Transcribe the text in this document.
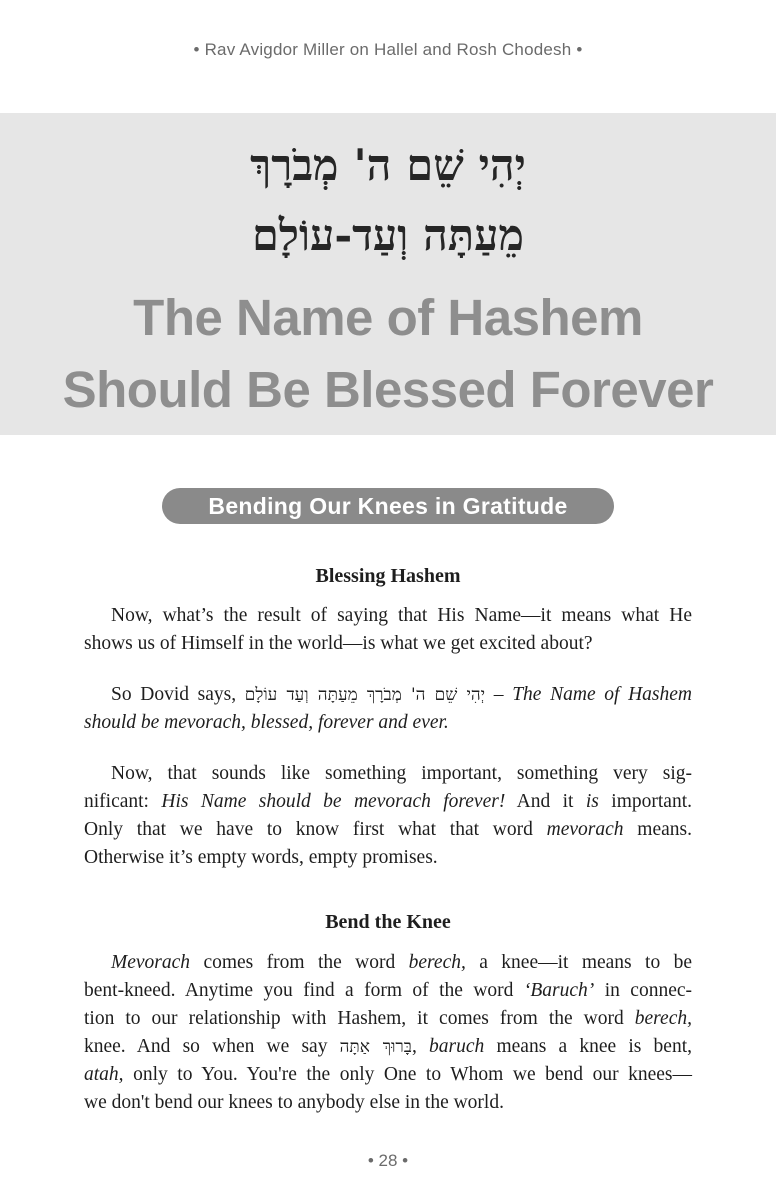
• Rav Avigdor Miller on Hallel and Rosh Chodesh •
יְהִי שֵׁם ה' מְבֹרָךְ
מֵעַתָּה וְעַד-עוֹלָם
The Name of Hashem
Should Be Blessed Forever
Bending Our Knees in Gratitude
Blessing Hashem
Now, what’s the result of saying that His Name—it means what He
shows us of Himself in the world—is what we get excited about?
So Dovid says, יְהִי שֵׁם ה' מְבֹרָךְ מֵעַתָּה וְעַד עוֹלָם – The Name of Hashem
should be mevorach, blessed, forever and ever.
Now, that sounds like something important, something very sig-
nificant: His Name should be mevorach forever! And it is important.
Only that we have to know first what that word mevorach means.
Otherwise it’s empty words, empty promises.
Bend the Knee
Mevorach comes from the word berech, a knee—it means to be
bent-kneed. Anytime you find a form of the word ‘Baruch’ in connec-
tion to our relationship with Hashem, it comes from the word berech,
knee. And so when we say בָּרוּךְ אַתָּה, baruch means a knee is bent,
atah, only to You. You're the only One to Whom we bend our knees—
we don't bend our knees to anybody else in the world.
• 28 •
